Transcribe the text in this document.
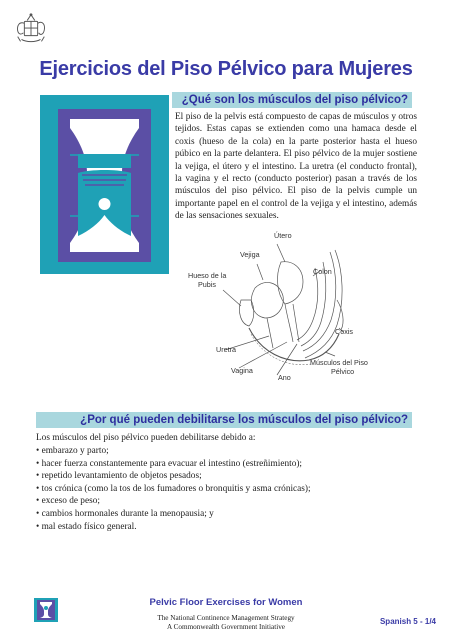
Ejercicios del Piso Pélvico para Mujeres
¿Qué son los músculos del piso pélvico?
El piso de la pelvis está compuesto de capas de músculos y otros tejidos. Estas capas se extienden como una hamaca desde el coxis (hueso de la cola) en la parte posterior hasta el hueso púbico en la parte delantera. El piso pélvico de la mujer sostiene la vejiga, el útero y el intestino. La uretra (el conducto frontal), la vagina y el recto (conducto posterior) pasan a través de los músculos del piso pélvico. El piso de la pelvis cumple un importante papel en el control de la vejiga y el intestino, además de las sensaciones sexuales.
Útero
Colon
Vejiga
Hueso de la
Pubis
Coxis
Uretra
Músculos del Piso
Pélvico
Vagina
Ano
¿Por qué pueden debilitarse los músculos del piso pélvico?
Los músculos del piso pélvico pueden debilitarse debido a:
• embarazo y parto;
• hacer fuerza constantemente para evacuar el intestino (estreñimiento);
• repetido levantamiento de objetos pesados;
• tos crónica (como la tos de los fumadores o bronquitis y asma crónicas);
• exceso de peso;
• cambios hormonales durante la menopausia; y
• mal estado físico general.
Pelvic Floor Exercises for Women
The National Continence Management Strategy
A Commonwealth Government Initiative
Spanish 5 - 1/4
